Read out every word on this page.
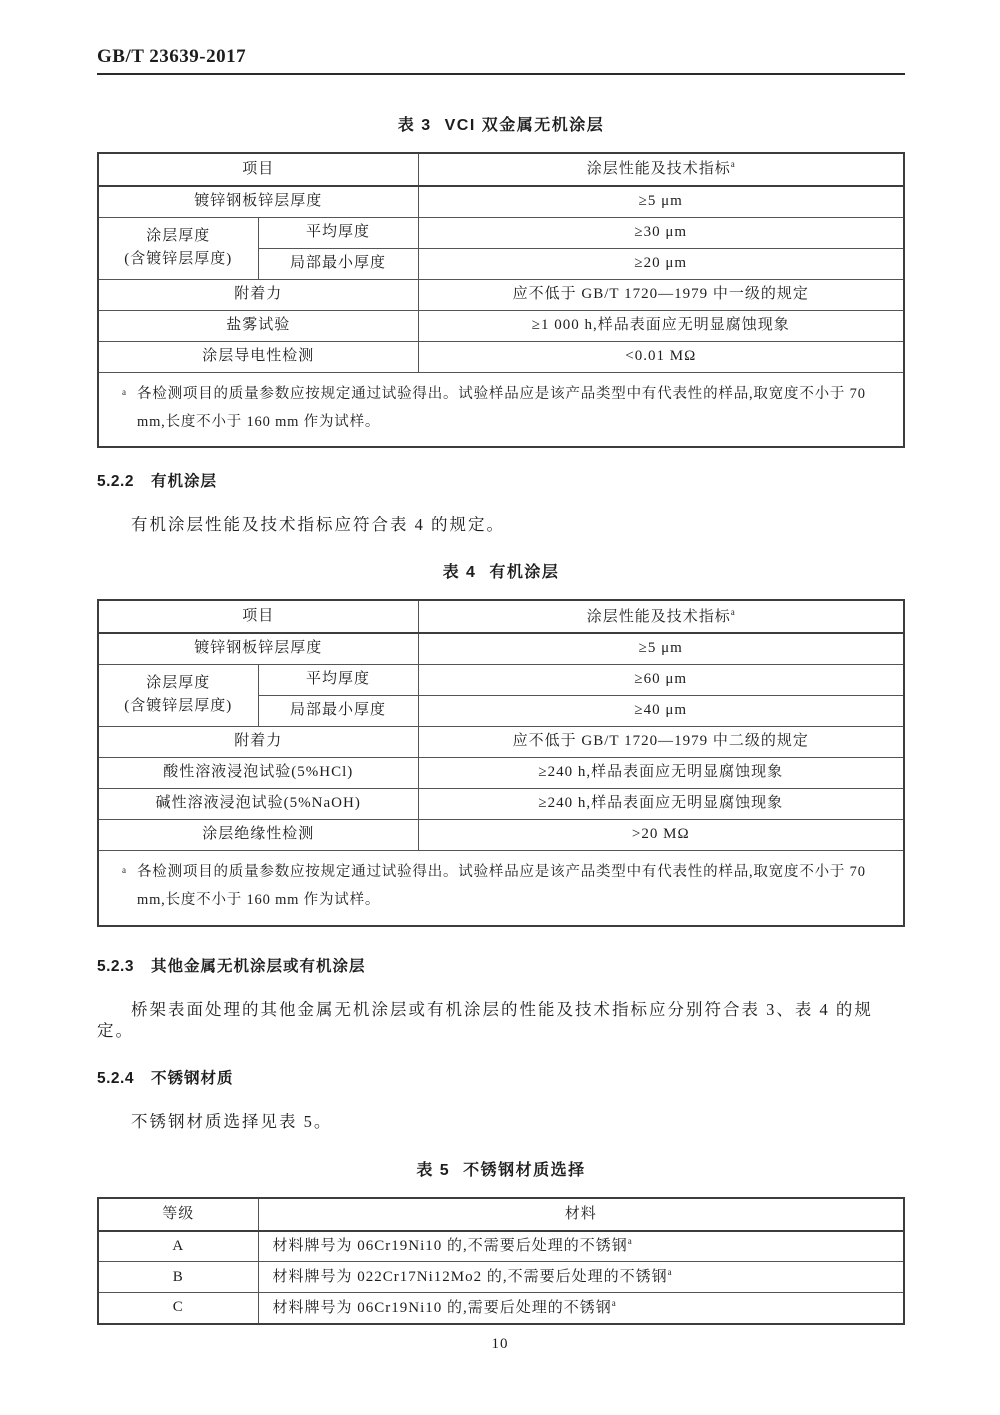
GB/T 23639-2017
表 3 VCI 双金属无机涂层
项目		涂层性能及技术指标$^a$
镀锌钢板锌层厚度		≥5 μm

涂层厚度
(含镀锌层厚度)	平均厚度	≥30 μm
	局部最小厚度	≥20 μm
附着力		应不低于 GB/T 1720—1979 中一级的规定
盐雾试验		≥1 000 h,样品表面应无明显腐蚀现象
涂层导电性检测		<0.01 MΩ

a 各检测项目的质量参数应按规定通过试验得出。试验样品应是该产品类型中有代表性的样品,取宽度不小于 70 mm,长度不小于 160 mm 作为试样。		
5.2.2 有机涂层
有机涂层性能及技术指标应符合表 4 的规定。
表 4 有机涂层
项目		涂层性能及技术指标$^a$
镀锌钢板锌层厚度		≥5 μm

涂层厚度
(含镀锌层厚度)	平均厚度	≥60 μm
	局部最小厚度	≥40 μm
附着力		应不低于 GB/T 1720—1979 中二级的规定
酸性溶液浸泡试验(5%HCl)		≥240 h,样品表面应无明显腐蚀现象
碱性溶液浸泡试验(5%NaOH)		≥240 h,样品表面应无明显腐蚀现象
涂层绝缘性检测		>20 MΩ

a 各检测项目的质量参数应按规定通过试验得出。试验样品应是该产品类型中有代表性的样品,取宽度不小于 70 mm,长度不小于 160 mm 作为试样。		
5.2.3 其他金属无机涂层或有机涂层
桥架表面处理的其他金属无机涂层或有机涂层的性能及技术指标应分别符合表 3、表 4 的规定。
5.2.4 不锈钢材质
不锈钢材质选择见表 5。
表 5 不锈钢材质选择
等级	材料
A	材料牌号为 06Cr19Ni10 的,不需要后处理的不锈钢$^a$
B	材料牌号为 022Cr17Ni12Mo2 的,不需要后处理的不锈钢$^a$
C	材料牌号为 06Cr19Ni10 的,需要后处理的不锈钢$^a$
10
